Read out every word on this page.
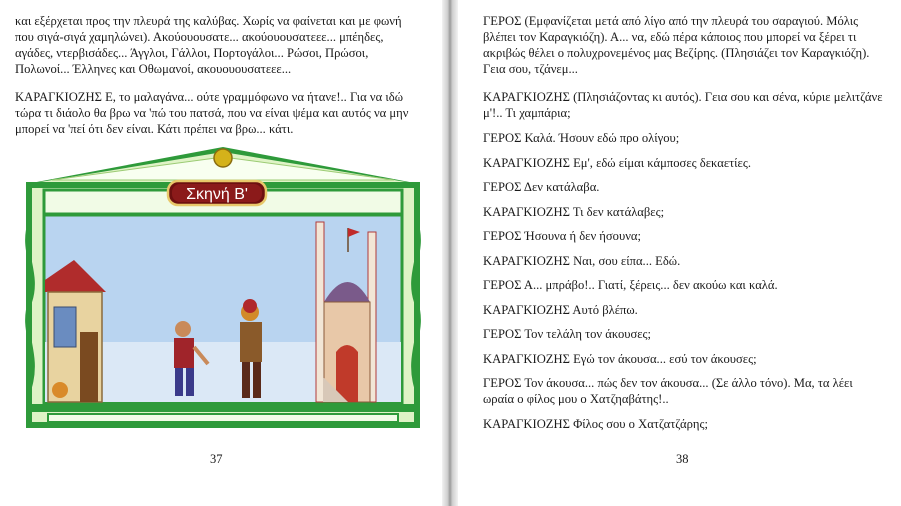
και εξέρχεται προς την πλευρά της καλύβας. Χωρίς να φαίνεται και με φωνή που σιγά-σιγά χαμηλώνει). Ακούουουσατε... ακούουουσατεεε... μπέηδες, αγάδες, ντερβισάδες... Άγγλοι, Γάλλοι, Πορτογάλοι... Ρώσοι, Πρώσοι, Πολωνοί... Έλληνες και Οθωμανοί, ακουουουσατεεε...

ΚΑΡΑΓΚΙΟΖΗΣ Ε, το μαλαγάνα... ούτε γραμμόφωνο να ήτανε!.. Για να ιδώ τώρα τι διάολο θα βρω να 'πώ του πατσά, που να είναι ψέμα και αυτός να μην μπορεί να 'πεί ότι δεν είναι. Κάτι πρέπει να βρω... κάτι.

Σκηνή Β'
37

ΓΕΡΟΣ (Εμφανίζεται μετά από λίγο από την πλευρά του σαραγιού. Μόλις βλέπει τον Καραγκιόζη). Α... να, εδώ πέρα κάποιος που μπορεί να ξέρει τι ακριβώς θέλει ο πολυχρονεμένος μας Βεζίρης. (Πλησιάζει τον Καραγκιόζη). Γεια σου, τζάνεμ...

ΚΑΡΑΓΚΙΟΖΗΣ (Πλησιάζοντας κι αυτός). Γεια σου και σένα, κύριε μελιτζάνε μ'!.. Τι χαμπάρια;

ΓΕΡΟΣ Καλά. Ήσουν εδώ προ ολίγου;

ΚΑΡΑΓΚΙΟΖΗΣ Εμ', εδώ είμαι κάμποσες δεκαετίες.

ΓΕΡΟΣ Δεν κατάλαβα.

ΚΑΡΑΓΚΙΟΖΗΣ Τι δεν κατάλαβες;

ΓΕΡΟΣ Ήσουνα ή δεν ήσουνα;

ΚΑΡΑΓΚΙΟΖΗΣ Ναι, σου είπα... Εδώ.

ΓΕΡΟΣ Α... μπράβο!.. Γιατί, ξέρεις... δεν ακούω και καλά.

ΚΑΡΑΓΚΙΟΖΗΣ Αυτό βλέπω.

ΓΕΡΟΣ Τον τελάλη τον άκουσες;

ΚΑΡΑΓΚΙΟΖΗΣ Εγώ τον άκουσα... εσύ τον άκουσες;

ΓΕΡΟΣ Τον άκουσα... πώς δεν τον άκουσα... (Σε άλλο τόνο). Μα, τα λέει ωραία ο φίλος μου ο Χατζηαβάτης!..

ΚΑΡΑΓΚΙΟΖΗΣ Φίλος σου ο Χατζατζάρης;

38
